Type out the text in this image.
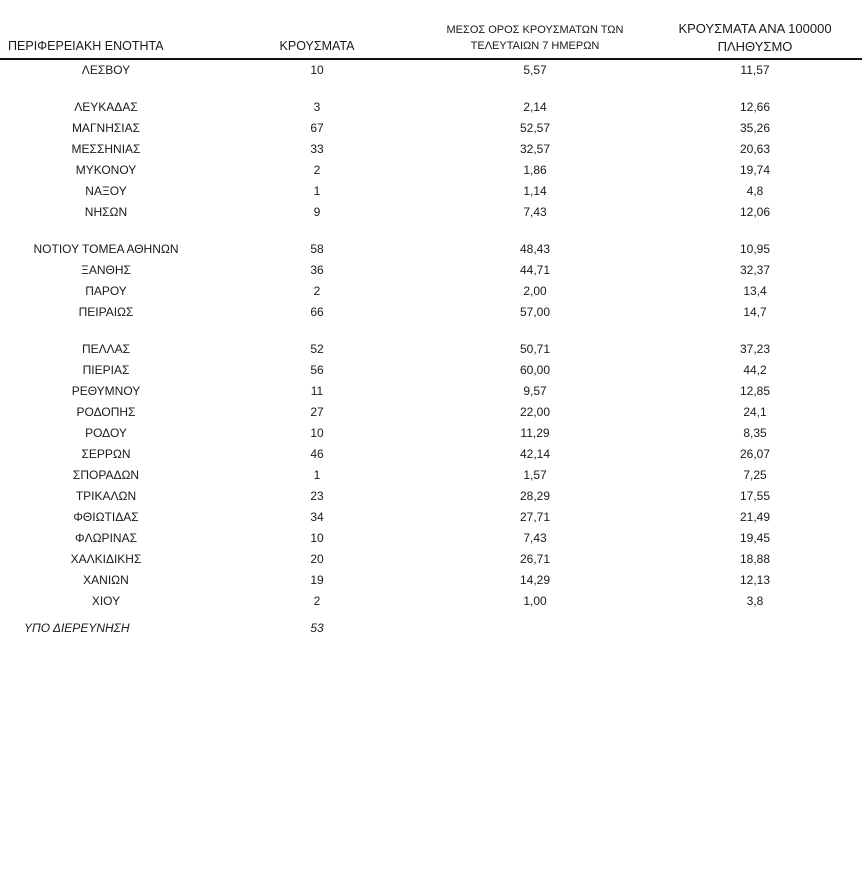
ΠΕΡΙΦΕΡΕΙΑΚΗ ΕΝΟΤΗΤΑ	ΚΡΟΥΣΜΑΤΑ	ΜΕΣΟΣ ΟΡΟΣ ΚΡΟΥΣΜΑΤΩΝ ΤΩΝ ΤΕΛΕΥΤΑΙΩΝ 7 ΗΜΕΡΩΝ	ΚΡΟΥΣΜΑΤΑ ΑΝΑ 100000 ΠΛΗΘΥΣΜΟ
ΛΕΣΒΟΥ	10	5,57	11,57

ΛΕΥΚΑΔΑΣ	3	2,14	12,66
ΜΑΓΝΗΣΙΑΣ	67	52,57	35,26
ΜΕΣΣΗΝΙΑΣ	33	32,57	20,63
ΜΥΚΟΝΟΥ	2	1,86	19,74
ΝΑΞΟΥ	1	1,14	4,8
ΝΗΣΩΝ	9	7,43	12,06

ΝΟΤΙΟΥ ΤΟΜΕΑ ΑΘΗΝΩΝ	58	48,43	10,95
ΞΑΝΘΗΣ	36	44,71	32,37
ΠΑΡΟΥ	2	2,00	13,4
ΠΕΙΡΑΙΩΣ	66	57,00	14,7

ΠΕΛΛΑΣ	52	50,71	37,23
ΠΙΕΡΙΑΣ	56	60,00	44,2
ΡΕΘΥΜΝΟΥ	11	9,57	12,85
ΡΟΔΟΠΗΣ	27	22,00	24,1
ΡΟΔΟΥ	10	11,29	8,35
ΣΕΡΡΩΝ	46	42,14	26,07
ΣΠΟΡΑΔΩΝ	1	1,57	7,25
ΤΡΙΚΑΛΩΝ	23	28,29	17,55
ΦΘΙΩΤΙΔΑΣ	34	27,71	21,49
ΦΛΩΡΙΝΑΣ	10	7,43	19,45
ΧΑΛΚΙΔΙΚΗΣ	20	26,71	18,88
ΧΑΝΙΩΝ	19	14,29	12,13
ΧΙΟΥ	2	1,00	3,8

ΥΠΟ ΔΙΕΡΕΥΝΗΣΗ	53		
